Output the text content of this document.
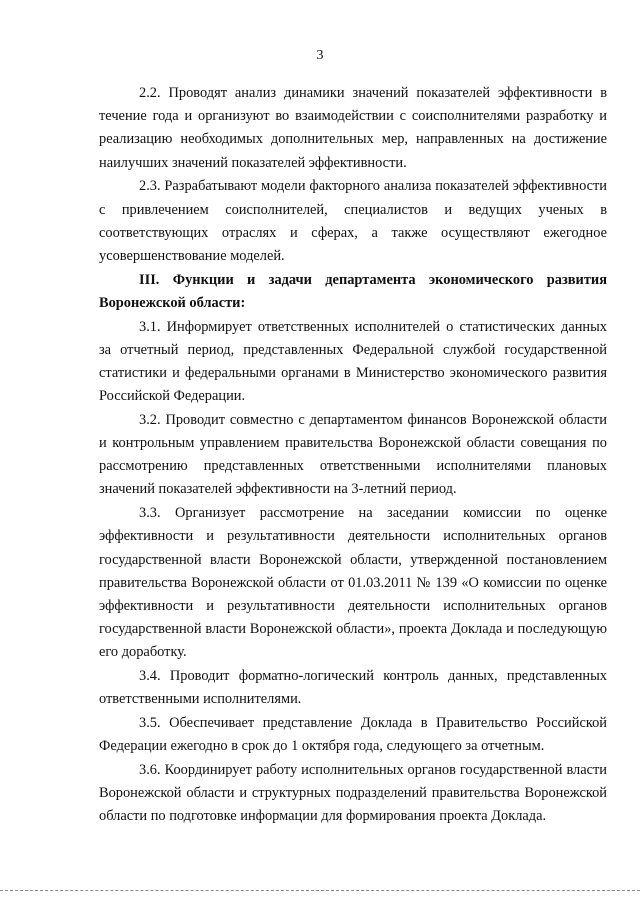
3

2.2. Проводят анализ динамики значений показателей эффективности в течение года и организуют во взаимодействии с соисполнителями разработку и реализацию необходимых дополнительных мер, направленных на достижение наилучших значений показателей эффективности.

2.3. Разрабатывают модели факторного анализа показателей эффективности с привлечением соисполнителей, специалистов и ведущих ученых в соответствующих отраслях и сферах, а также осуществляют ежегодное усовершенствование моделей.

III. Функции и задачи департамента экономического развития Воронежской области:

3.1. Информирует ответственных исполнителей о статистических данных за отчетный период, представленных Федеральной службой государственной статистики и федеральными органами в Министерство экономического развития Российской Федерации.

3.2. Проводит совместно с департаментом финансов Воронежской области и контрольным управлением правительства Воронежской области совещания по рассмотрению представленных ответственными исполнителями плановых значений показателей эффективности на 3-летний период.

3.3. Организует рассмотрение на заседании комиссии по оценке эффективности и результативности деятельности исполнительных органов государственной власти Воронежской области, утвержденной постановлением правительства Воронежской области от 01.03.2011 № 139 «О комиссии по оценке эффективности и результативности деятельности исполнительных органов государственной власти Воронежской области», проекта Доклада и последующую его доработку.

3.4. Проводит форматно-логический контроль данных, представленных ответственными исполнителями.

3.5. Обеспечивает представление Доклада в Правительство Российской Федерации ежегодно в срок до 1 октября года, следующего за отчетным.

3.6. Координирует работу исполнительных органов государственной власти Воронежской области и структурных подразделений правительства Воронежской области по подготовке информации для формирования проекта Доклада.
